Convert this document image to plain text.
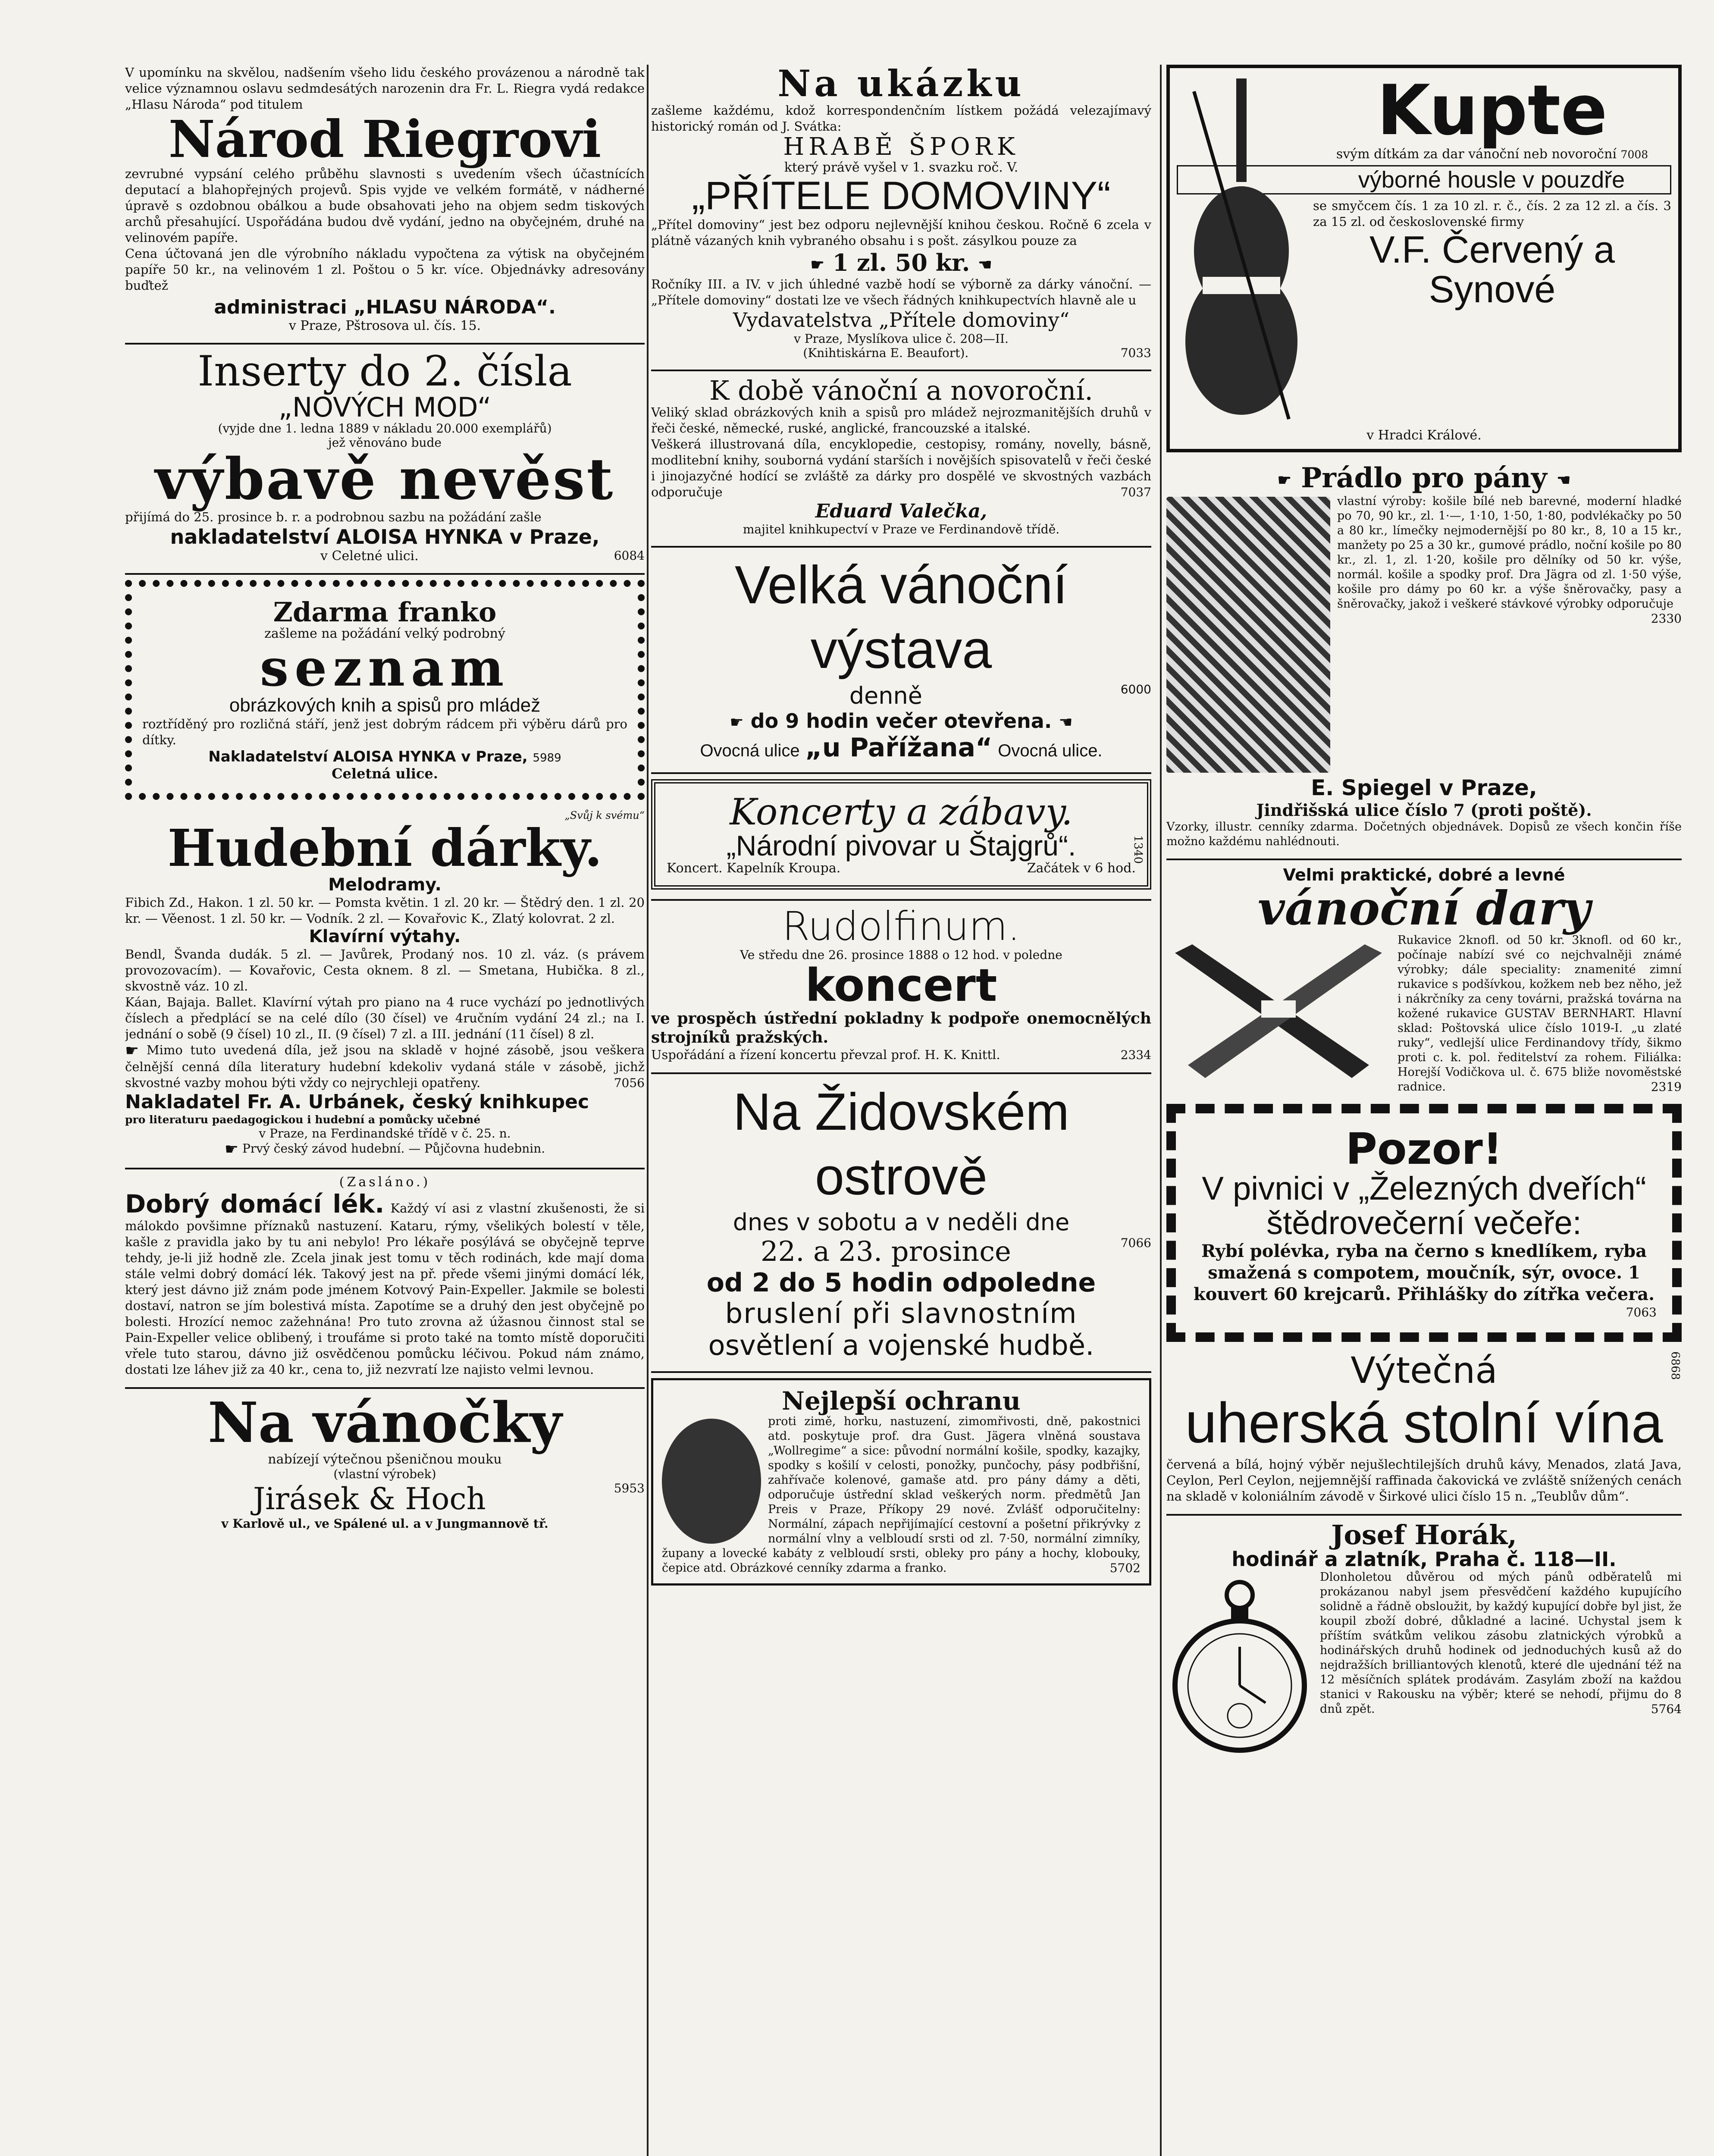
V upomínku na skvělou, nadšením všeho lidu českého provázenou a národně tak velice významnou oslavu sedmdesátých narozenin dra Fr. L. Riegra vydá redakce „Hlasu Národa“ pod titulem

Národ Riegrovi

zevrubné vypsání celého průběhu slavnosti s uvedením všech účastnících deputací a blahopřejných projevů. Spis vyjde ve velkém formátě, v nádherné úpravě s ozdobnou obálkou a bude obsahovati jeho na objem sedm tiskových archů přesahující. Uspořádána budou dvě vydání, jedno na obyčejném, druhé na velinovém papíře.

Cena účtovaná jen dle výrobního nákladu vypočtena za výtisk na obyčejném papíře 50 kr., na velinovém 1 zl. Poštou o 5 kr. více. Objednávky adresovány buďtež

administraci „HLASU NÁRODA“.

v Praze, Pštrosova ul. čís. 15.

Inserty do 2. čísla
„NOVÝCH MOD“

(vyjde dne 1. ledna 1889 v nákladu 20.000 exemplářů)

jež věnováno bude

výbavě nevěst

přijímá do 25. prosince b. r. a podrobnou sazbu na požádání zašle

nakladatelství ALOISA HYNKA v Praze,

v Celetné ulici.	6084

Zdarma franko

zašleme na požádání velký podrobný

seznam

obrázkových knih a spisů pro mládež

roztříděný pro rozličná stáří, jenž jest dobrým rádcem při výběru dárů pro dítky.

Nakladatelství ALOISA HYNKA v Praze, 5989

Celetná ulice.

„Svůj k svému“

Hudební dárky.

Melodramy.

Fibich Zd., Hakon. 1 zl. 50 kr. — Pomsta květin. 1 zl. 20 kr. — Štědrý den. 1 zl. 20 kr. — Věenost. 1 zl. 50 kr. — Vodník. 2 zl. — Kovařovic K., Zlatý kolovrat. 2 zl.

Klavírní výtahy.

Bendl, Švanda dudák. 5 zl. — Javůrek, Prodaný nos. 10 zl. váz. (s právem provozovacím). — Kovařovic, Cesta oknem. 8 zl. — Smetana, Hubička. 8 zl., skvostně váz. 10 zl.

Káan, Bajaja. Ballet. Klavírní výtah pro piano na 4 ruce vychází po jednotlivých číslech a předplácí se na celé dílo (30 čísel) ve 4ručním vydání 24 zl.; na I. jednání o sobě (9 čísel) 10 zl., II. (9 čísel) 7 zl. a III. jednání (11 čísel) 8 zl.

☛ Mimo tuto uvedená díla, jež jsou na skladě v hojné zásobě, jsou veškera čelnější cenná díla literatury hudební kdekoliv vydaná stále v zásobě, jichž skvostné vazby mohou býti vždy co nejrychleji opatřeny.	7056

Nakladatel Fr. A. Urbánek, český knihkupec

pro literaturu paedagogickou i hudební a pomůcky učebné

v Praze, na Ferdinandské třídě v č. 25. n.

☛ Prvý český závod hudební. — Půjčovna hudebnin.

(Zasláno.)

Dobrý domácí lék. Každý ví asi z vlastní zkušenosti, že si málokdo povšimne příznaků nastuzení. Kataru, rýmy, všelikých bolestí v těle, kašle z pravidla jako by tu ani nebylo! Pro lékaře posýlává se obyčejně teprve tehdy, je-li již hodně zle. Zcela jinak jest tomu v těch rodinách, kde mají doma stále velmi dobrý domácí lék. Takový jest na př. přede všemi jinými domácí lék, který jest dávno již znám pode jménem Kotvový Pain-Expeller. Jakmile se bolesti dostaví, natron se jím bolestivá místa. Zapotíme se a druhý den jest obyčejně po bolesti. Hrozící nemoc zažehnána! Pro tuto zrovna až úžasnou činnost stal se Pain-Expeller velice oblibený, i troufáme si proto také na tomto místě doporučiti vřele tuto starou, dávno již osvědčenou pomůcku léčivou. Pokud nám známo, dostati lze láhev již za 40 kr., cena to, již nezvratí lze najisto velmi levnou.

Na vánočky

nabízejí výtečnou pšeničnou mouku

(vlastní výrobek)

Jirásek & Hoch	5953

v Karlově ul., ve Spálené ul. a v Jungmannově tř.

Na ukázku

zašleme každému, kdož korrespondenčním lístkem požádá velezajímavý historický román od J. Svátka:

HRABĚ ŠPORK

který právě vyšel v 1. svazku roč. V.

„PŘÍTELE DOMOVINY“

„Přítel domoviny“ jest bez odporu nejlevnější knihou českou. Ročně 6 zcela v plátně vázaných knih vybraného obsahu i s pošt. zásylkou pouze za

☛ 1 zl. 50 kr. ☚

Ročníky III. a IV. v jich úhledné vazbě hodí se výborně za dárky vánoční. — „Přítele domoviny“ dostati lze ve všech řádných knihkupectvích hlavně ale u

Vydavatelstva „Přítele domoviny“

v Praze, Myslíkova ulice č. 208—II.

(Knihtiskárna E. Beaufort).	7033

K době vánoční a novoroční.

Veliký sklad obrázkových knih a spisů pro mládež nejrozmanitějších druhů v řeči české, německé, ruské, anglické, francouzské a italské.

Veškerá illustrovaná díla, encyklopedie, cestopisy, romány, novelly, básně, modlitební knihy, souborná vydání starších i novějších spisovatelů v řeči české i jinojazyčné hodící se zvláště za dárky pro dospělé ve skvostných vazbách odporučuje	7037

Eduard Valečka,

majitel knihkupectví v Praze ve Ferdinandově třídě.

Velká vánoční výstava

denně	6000

☛ do 9 hodin večer otevřena. ☚

Ovocná ulice „u Pařížana“ Ovocná ulice.

Koncerty a zábavy.
„Národní pivovar u Štajgrů“.

Koncert. Kapelník Kroupa.	Začátek v 6 hod.

1340
Rudolfinum.

Ve středu dne 26. prosince 1888 o 12 hod. v poledne

koncert

ve prospěch ústřední pokladny k podpoře onemocnělých strojníků pražských.

Uspořádání a řízení koncertu převzal prof. H. K. Knittl.	2334

Na Židovském ostrově

dnes v sobotu a v neděli dne

22. a 23. prosince	7066

od 2 do 5 hodin odpoledne

bruslení při slavnostním

osvětlení a vojenské hudbě.

Nejlepší ochranu

proti zimě, horku, nastuzení, zimomřivosti, dně, pakostnici atd. poskytuje prof. dra Gust. Jägera vlněná soustava „Wollregime“ a sice: původní normální košile, spodky, kazajky, spodky s košilí v celosti, ponožky, punčochy, pásy podbřišní, zahřívače kolenové, gamaše atd. pro pány dámy a děti, odporučuje ústřední sklad veškerých norm. předmětů Jan Preis v Praze, Příkopy 29 nové. Zvlášť odporučitelny: Normální, zápach nepřijímající cestovní a pošetní přikrývky z normální vlny a velbloudí srsti od zl. 7·50, normální zimníky, župany a lovecké kabáty z velbloudí srsti, obleky pro pány a hochy, klobouky, čepice atd. Obrázkové cenníky zdarma a franko.	5702

Kupte

svým dítkám za dar vánoční neb novoroční 7008

výborné housle v pouzdře

se smyčcem čís. 1 za 10 zl. r. č., čís. 2 za 12 zl. a čís. 3 za 15 zl. od československé firmy

V.F. Červený a Synové

v Hradci Králové.

☛ Prádlo pro pány ☚

vlastní výroby: košile bílé neb barevné, moderní hladké po 70, 90 kr., zl. 1·—, 1·10, 1·50, 1·80, podvlékačky po 50 a 80 kr., límečky nejmodernější po 80 kr., 8, 10 a 15 kr., manžety po 25 a 30 kr., gumové prádlo, noční košile po 80 kr., zl. 1, zl. 1·20, košile pro dělníky od 50 kr. výše, normál. košile a spodky prof. Dra Jägra od zl. 1·50 výše, košile pro dámy po 60 kr. a výše šněrovačky, pasy a šněrovačky, jakož i veškeré stávkové výrobky odporučuje
2330

E. Spiegel v Praze,

Jindřišská ulice číslo 7 (proti poště).

Vzorky, illustr. cenníky zdarma. Dočetných objednávek. Dopisů ze všech končin říše možno každému nahlédnouti.

Velmi praktické, dobré a levné

vánoční dary

Rukavice 2knofl. od 50 kr. 3knofl. od 60 kr., počínaje nabízí své co nejchvalněji známé výrobky; dále speciality: znamenité zimní rukavice s podšívkou, kožkem neb bez něho, jež i nákrčníky za ceny továrni, pražská továrna na kožené rukavice GUSTAV BERNHART. Hlavní sklad: Poštovská ulice číslo 1019-I. „u zlaté ruky“, vedlejší ulice Ferdinandovy třídy, šikmo proti c. k. pol. ředitelství za rohem. Filiálka: Horejší Vodičkova ul. č. 675 bliže novoměstské radnice.	2319

Pozor!
V pivnici v „Železných dveřích“
štědrovečerní večeře:

Rybí polévka, ryba na černo s knedlíkem, ryba smažená s compotem, moučník, sýr, ovoce. 1 kouvert 60 krejcarů. Přihlášky do zítřka večera.

7063

Výtečná
uherská stolní vína
6868

červená a bílá, hojný výběr nejušlechtilejších druhů kávy, Menados, zlatá Java, Ceylon, Perl Ceylon, nejjemnější raffinada čakovická ve zvláště snížených cenách na skladě v koloniálním závodě v Širkové ulici číslo 15 n. „Teublův dům“.

Josef Horák,
hodinář a zlatník, Praha č. 118—II.

Dlonholetou důvěrou od mých pánů odběratelů mi prokázanou nabyl jsem přesvědčení každého kupujícího solidně a řádně obsloužit, by každý kupující dobře byl jist, že koupil zboží dobré, důkladné a laciné. Uchystal jsem k příštím svátkům velikou zásobu zlatnických výrobků a hodinářských druhů hodinek od jednoduchých kusů až do nejdražších brilliantových klenotů, které dle ujednání též na 12 měsíčních splátek prodávám. Zasylám zboží na každou stanici v Rakousku na výběr; které se nehodí, přijmu do 8 dnů zpět.	5764
